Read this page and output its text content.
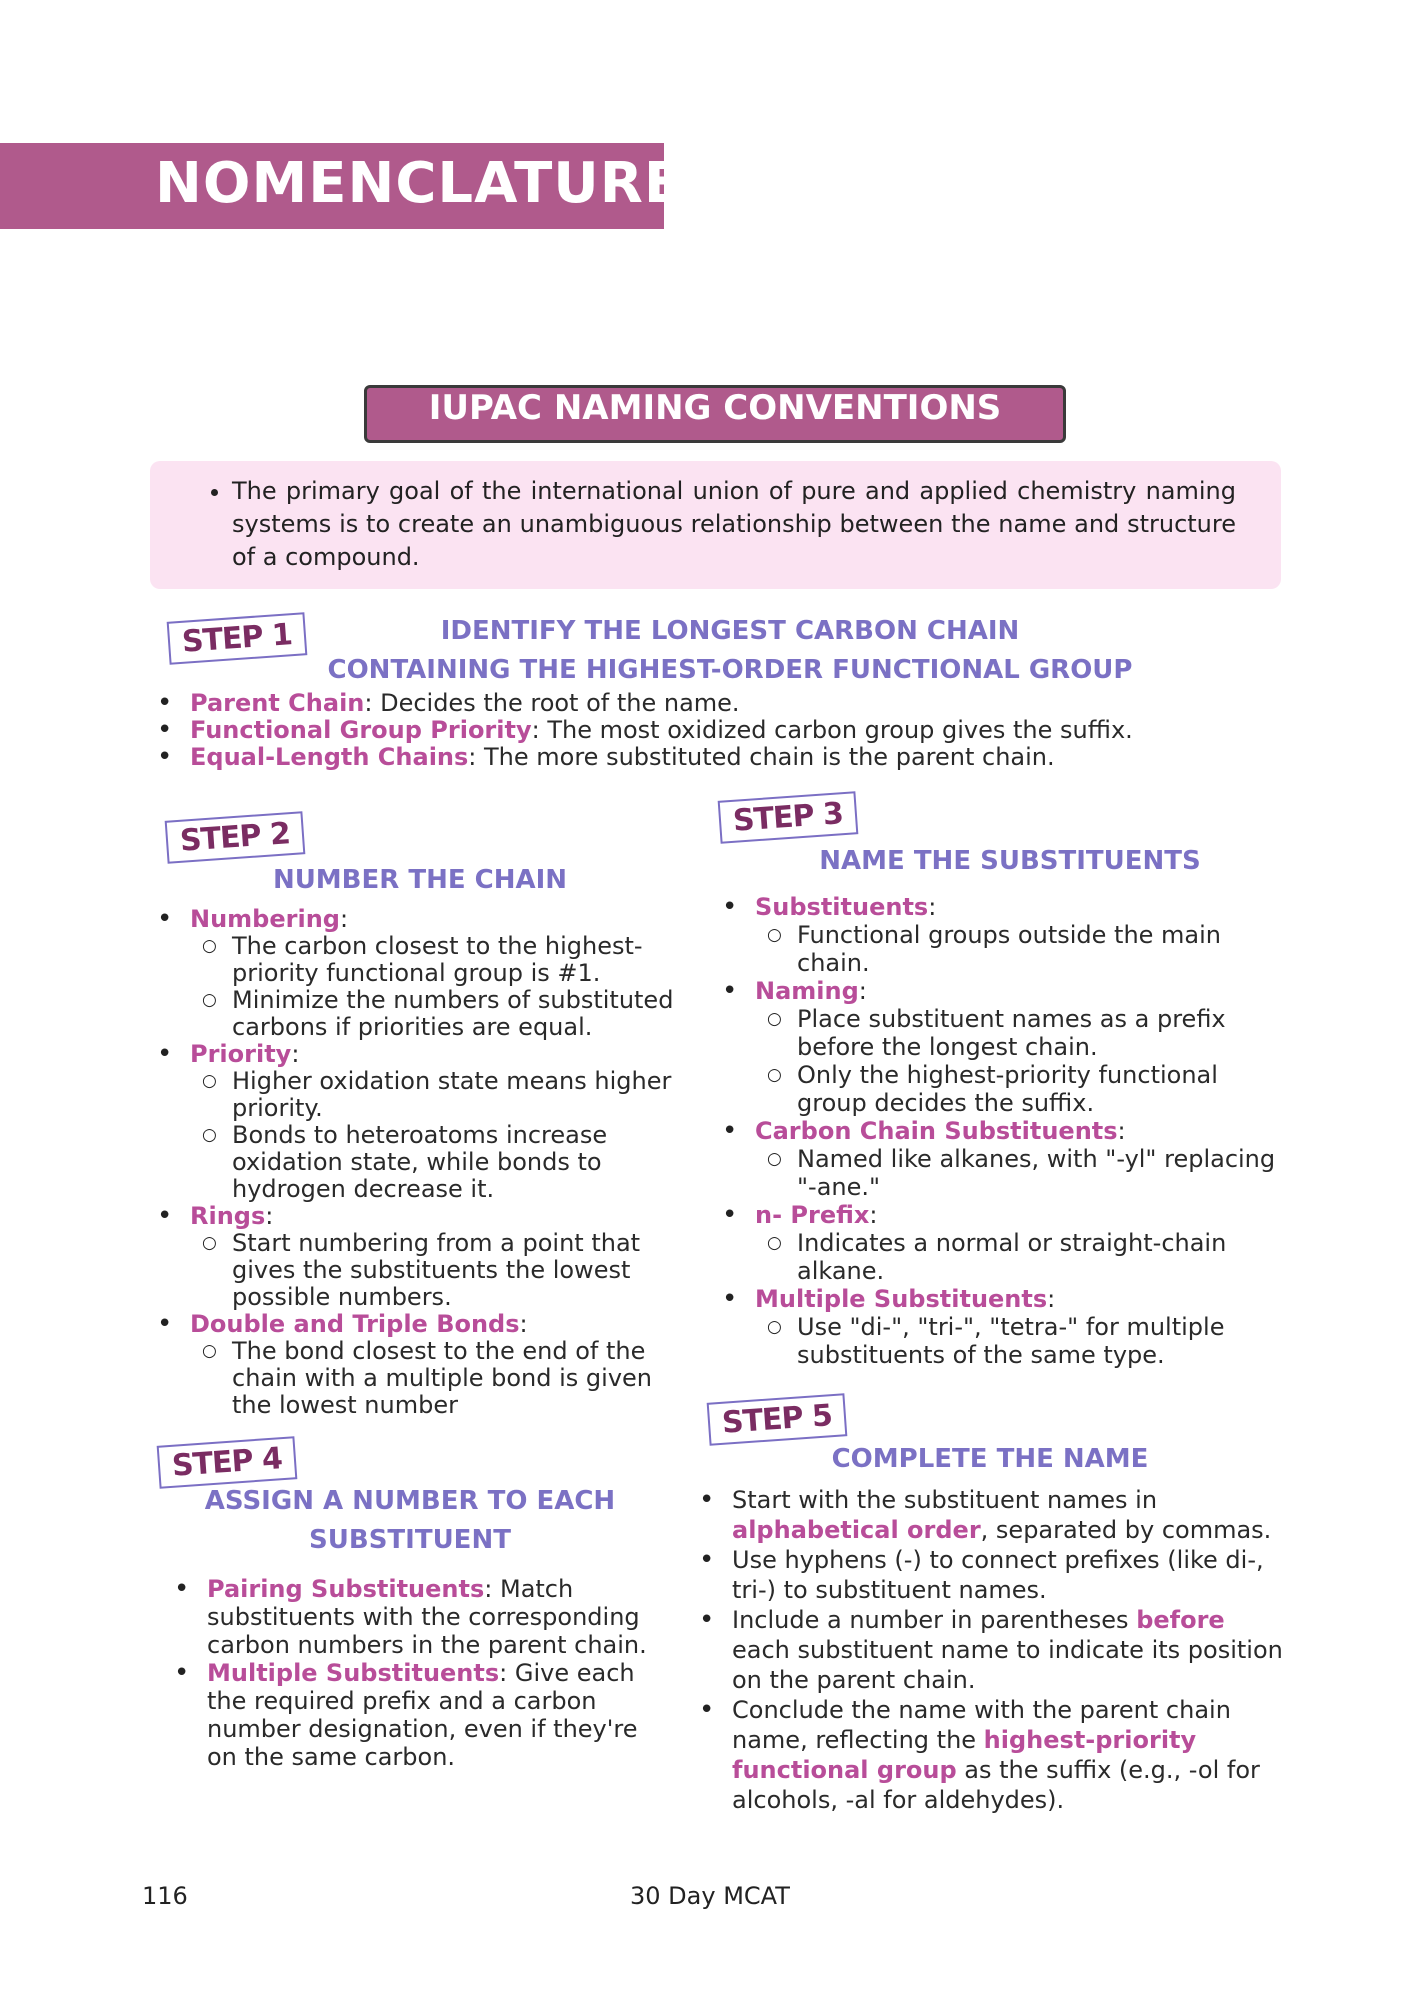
NOMENCLATURE
IUPAC NAMING CONVENTIONS
• The primary goal of the international union of pure and applied chemistry naming systems is to create an unambiguous relationship between the name and structure of a compound.
STEP 1	IDENTIFY THE LONGEST CARBON CHAIN
CONTAINING THE HIGHEST-ORDER FUNCTIONAL GROUP
• Parent Chain: Decides the root of the name.
• Functional Group Priority: The most oxidized carbon group gives the suffix.
• Equal-Length Chains: The more substituted chain is the parent chain.
STEP 2
NUMBER THE CHAIN
• Numbering:
○ The carbon closest to the highest-priority functional group is #1.
○ Minimize the numbers of substituted carbons if priorities are equal.
• Priority:
○ Higher oxidation state means higher priority.
○ Bonds to heteroatoms increase oxidation state, while bonds to hydrogen decrease it.
• Rings:
○ Start numbering from a point that gives the substituents the lowest possible numbers.
• Double and Triple Bonds:
○ The bond closest to the end of the chain with a multiple bond is given the lowest number
STEP 3
NAME THE SUBSTITUENTS
• Substituents:
○ Functional groups outside the main chain.
• Naming:
○ Place substituent names as a prefix before the longest chain.
○ Only the highest-priority functional group decides the suffix.
• Carbon Chain Substituents:
○ Named like alkanes, with "-yl" replacing "-ane."
• n- Prefix:
○ Indicates a normal or straight-chain alkane.
• Multiple Substituents:
○ Use "di-", "tri-", "tetra-" for multiple substituents of the same type.
STEP 4
ASSIGN A NUMBER TO EACH
SUBSTITUENT
• Pairing Substituents: Match substituents with the corresponding carbon numbers in the parent chain.
• Multiple Substituents: Give each the required prefix and a carbon number designation, even if they're on the same carbon.
STEP 5
COMPLETE THE NAME
• Start with the substituent names in alphabetical order, separated by commas.
• Use hyphens (-) to connect prefixes (like di-, tri-) to substituent names.
• Include a number in parentheses before each substituent name to indicate its position on the parent chain.
• Conclude the name with the parent chain name, reflecting the highest-priority functional group as the suffix (e.g., -ol for alcohols, -al for aldehydes).
116	30 Day MCAT
